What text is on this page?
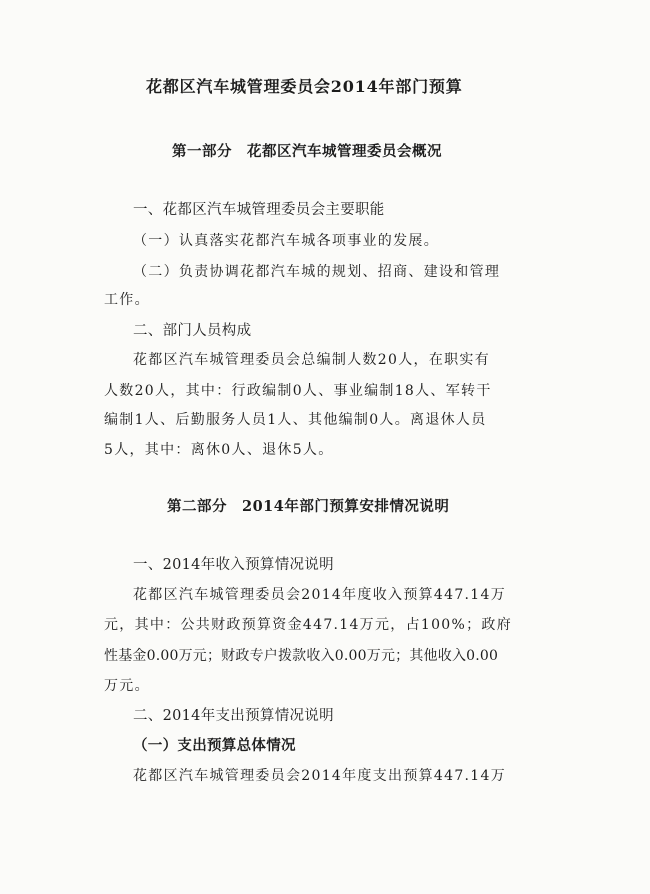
花都区汽车城管理委员会2014年部门预算
第一部分　花都区汽车城管理委员会概况
一、花都区汽车城管理委员会主要职能
（一）认真落实花都汽车城各项事业的发展。
（二）负责协调花都汽车城的规划、招商、建设和管理
工作。
二、部门人员构成
花都区汽车城管理委员会总编制人数20人，在职实有
人数20人，其中：行政编制0人、事业编制18人、军转干
编制1人、后勤服务人员1人、其他编制0人。离退休人员
5人，其中：离休0人、退休5人。
第二部分　2014年部门预算安排情况说明
一、2014年收入预算情况说明
花都区汽车城管理委员会2014年度收入预算447.14万
元，其中：公共财政预算资金447.14万元，占100%；政府
性基金0.00万元；财政专户拨款收入0.00万元；其他收入0.00
万元。
二、2014年支出预算情况说明
（一）支出预算总体情况
花都区汽车城管理委员会2014年度支出预算447.14万
